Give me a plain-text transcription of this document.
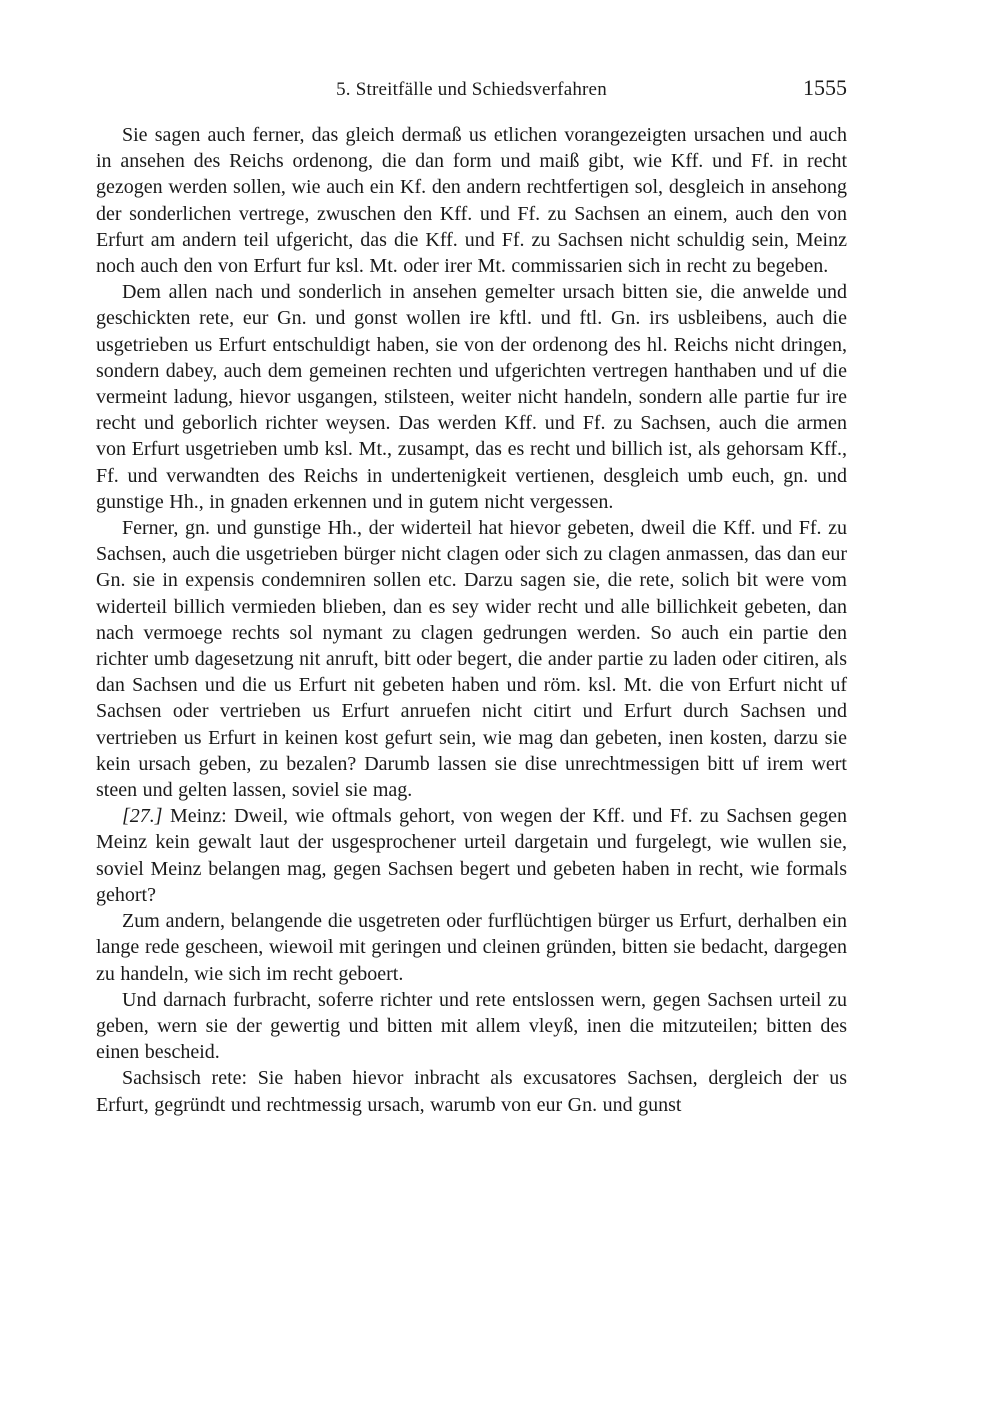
5. Streitfälle und Schiedsverfahren	1555

Sie sagen auch ferner, das gleich dermaß us etlichen vorangezeigten ursachen und auch in ansehen des Reichs ordenong, die dan form und maiß gibt, wie Kff. und Ff. in recht gezogen werden sollen, wie auch ein Kf. den andern rechtfertigen sol, desgleich in ansehong der sonderlichen vertrege, zwuschen den Kff. und Ff. zu Sachsen an einem, auch den von Erfurt am andern teil ufgericht, das die Kff. und Ff. zu Sachsen nicht schuldig sein, Meinz noch auch den von Erfurt fur ksl. Mt. oder irer Mt. commissarien sich in recht zu begeben.

Dem allen nach und sonderlich in ansehen gemelter ursach bitten sie, die anwelde und geschickten rete, eur Gn. und gonst wollen ire kftl. und ftl. Gn. irs usbleibens, auch die usgetrieben us Erfurt entschuldigt haben, sie von der ordenong des hl. Reichs nicht dringen, sondern dabey, auch dem gemeinen rechten und ufgerichten vertregen hanthaben und uf die vermeint ladung, hievor usgangen, stilsteen, weiter nicht handeln, sondern alle partie fur ire recht und geborlich richter weysen. Das werden Kff. und Ff. zu Sachsen, auch die armen von Erfurt usgetrieben umb ksl. Mt., zusampt, das es recht und billich ist, als gehorsam Kff., Ff. und verwandten des Reichs in undertenigkeit vertienen, desgleich umb euch, gn. und gunstige Hh., in gnaden erkennen und in gutem nicht vergessen.

Ferner, gn. und gunstige Hh., der widerteil hat hievor gebeten, dweil die Kff. und Ff. zu Sachsen, auch die usgetrieben bürger nicht clagen oder sich zu clagen anmassen, das dan eur Gn. sie in expensis condemniren sollen etc. Darzu sagen sie, die rete, solich bit were vom widerteil billich vermieden blieben, dan es sey wider recht und alle billichkeit gebeten, dan nach vermoege rechts sol nymant zu clagen gedrungen werden. So auch ein partie den richter umb dagesetzung nit anruft, bitt oder begert, die ander partie zu laden oder citiren, als dan Sachsen und die us Erfurt nit gebeten haben und röm. ksl. Mt. die von Erfurt nicht uf Sachsen oder vertrieben us Erfurt anruefen nicht citirt und Erfurt durch Sachsen und vertrieben us Erfurt in keinen kost gefurt sein, wie mag dan gebeten, inen kosten, darzu sie kein ursach geben, zu bezalen? Darumb lassen sie dise unrechtmessigen bitt uf irem wert steen und gelten lassen, soviel sie mag.

[27.] Meinz: Dweil, wie oftmals gehort, von wegen der Kff. und Ff. zu Sachsen gegen Meinz kein gewalt laut der usgesprochener urteil dargetain und furgelegt, wie wullen sie, soviel Meinz belangen mag, gegen Sachsen begert und gebeten haben in recht, wie formals gehort?

Zum andern, belangende die usgetreten oder furflüchtigen bürger us Erfurt, derhalben ein lange rede gescheen, wiewoil mit geringen und cleinen gründen, bitten sie bedacht, dargegen zu handeln, wie sich im recht geboert.

Und darnach furbracht, soferre richter und rete entslossen wern, gegen Sachsen urteil zu geben, wern sie der gewertig und bitten mit allem vleyß, inen die mitzuteilen; bitten des einen bescheid.

Sachsisch rete: Sie haben hievor inbracht als excusatores Sachsen, dergleich der us Erfurt, gegründt und rechtmessig ursach, warumb von eur Gn. und gunst
